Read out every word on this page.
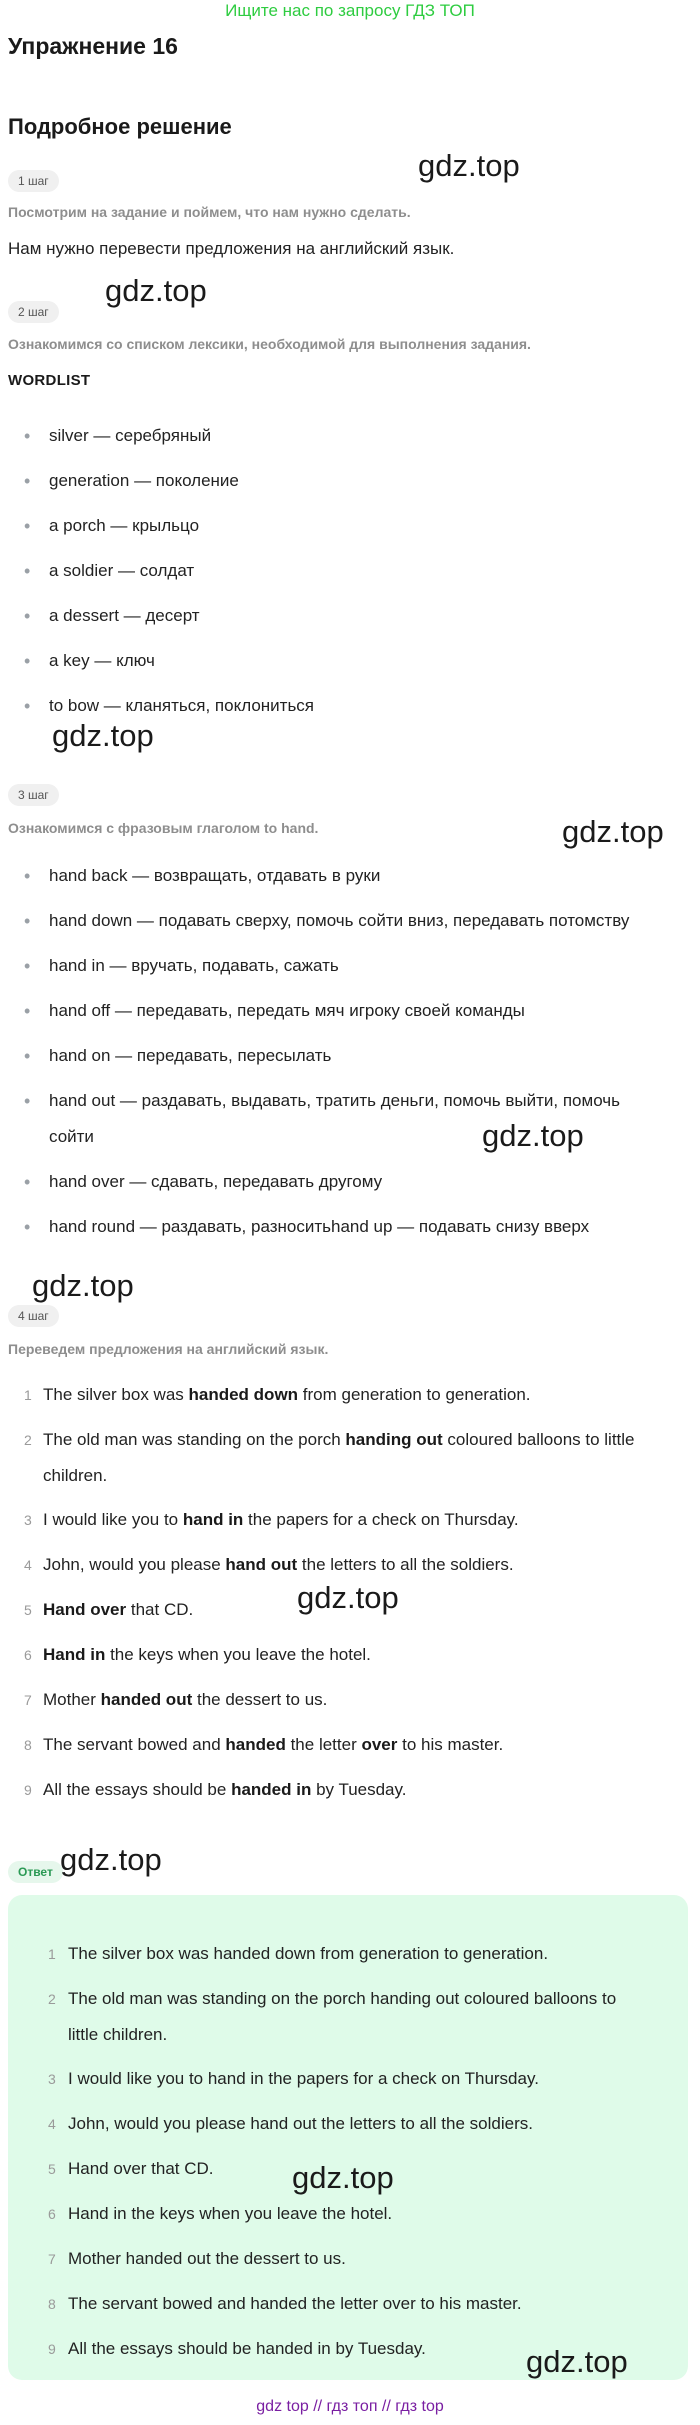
Ищите нас по запросу ГДЗ ТОП
Упражнение 16
Подробное решение
1 шаг
Посмотрим на задание и поймем, что нам нужно сделать.
Нам нужно перевести предложения на английский язык.
2 шаг
Ознакомимся со списком лексики, необходимой для выполнения задания.
WORDLIST
• silver — серебряный
• generation — поколение
• a porch — крыльцо
• a soldier — солдат
• a dessert — десерт
• a key — ключ
• to bow — кланяться, поклониться
3 шаг
Ознакомимся с фразовым глаголом to hand.
• hand back — возвращать, отдавать в руки
• hand down — подавать сверху, помочь сойти вниз, передавать потомству
• hand in — вручать, подавать, сажать
• hand off — передавать, передать мяч игроку своей команды
• hand on — передавать, пересылать
• hand out — раздавать, выдавать, тратить деньги, помочь выйти, помочь сойти
• hand over — сдавать, передавать другому
• hand round — раздавать, разноситьhand up — подавать снизу вверх
4 шаг
Переведем предложения на английский язык.
1 The silver box was handed down from generation to generation.
2 The old man was standing on the porch handing out coloured balloons to little children.
3 I would like you to hand in the papers for a check on Thursday.
4 John, would you please hand out the letters to all the soldiers.
5 Hand over that CD.
6 Hand in the keys when you leave the hotel.
7 Mother handed out the dessert to us.
8 The servant bowed and handed the letter over to his master.
9 All the essays should be handed in by Tuesday.
Ответ
1 The silver box was handed down from generation to generation.
2 The old man was standing on the porch handing out coloured balloons to little children.
3 I would like you to hand in the papers for a check on Thursday.
4 John, would you please hand out the letters to all the soldiers.
5 Hand over that CD.
6 Hand in the keys when you leave the hotel.
7 Mother handed out the dessert to us.
8 The servant bowed and handed the letter over to his master.
9 All the essays should be handed in by Tuesday.
gdz.top
gdz.top
gdz.top
gdz.top
gdz.top
gdz.top
gdz.top
gdz.top
gdz.top
gdz.top
gdz top // гдз топ // гдз top
